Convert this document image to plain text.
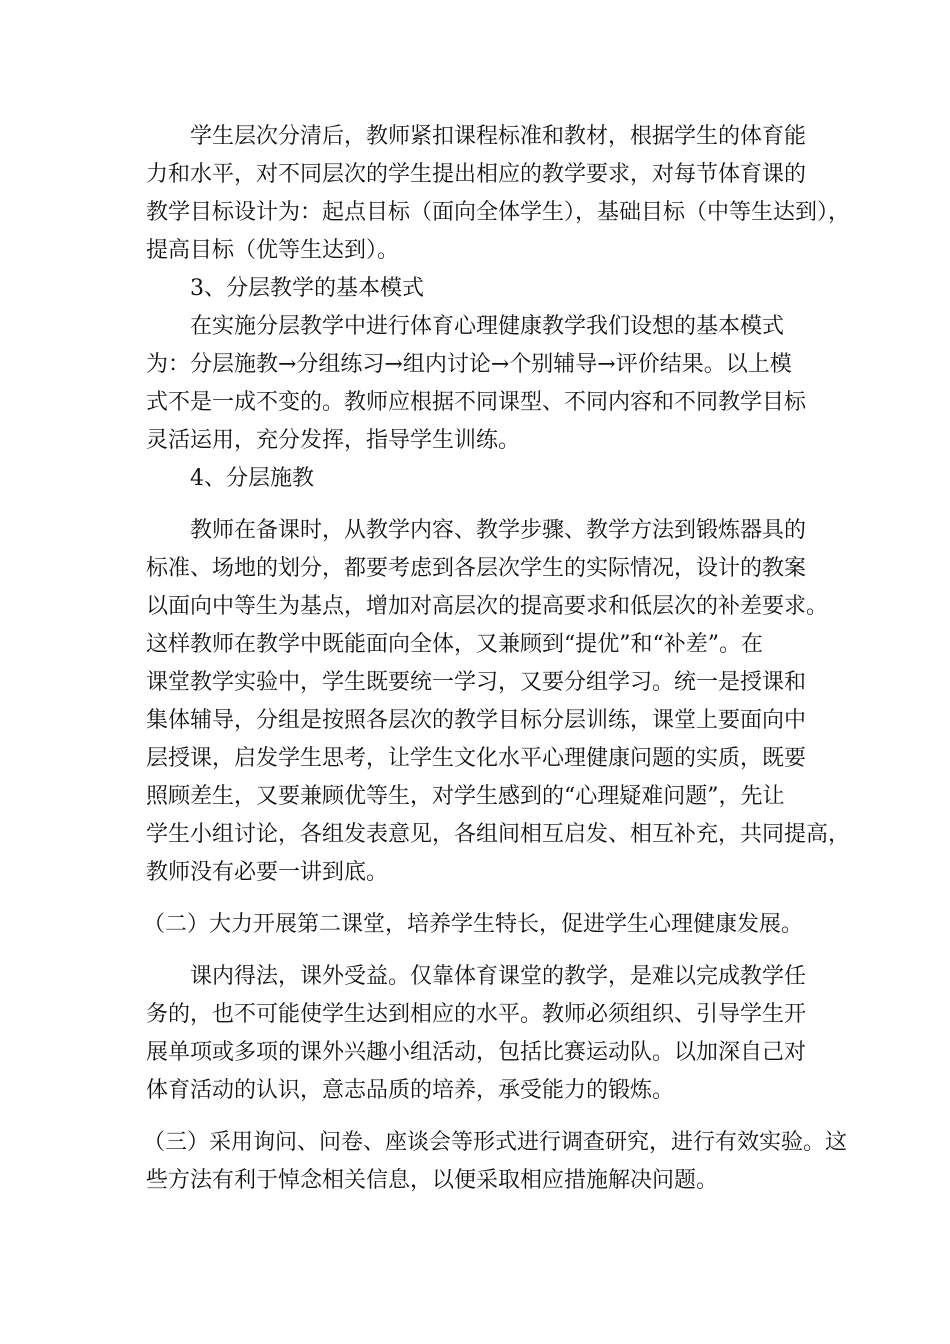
学生层次分清后，教师紧扣课程标准和教材，根据学生的体育能
力和水平，对不同层次的学生提出相应的教学要求，对每节体育课的
教学目标设计为：起点目标（面向全体学生），基础目标（中等生达到），
提高目标（优等生达到）。
3、分层教学的基本模式
在实施分层教学中进行体育心理健康教学我们设想的基本模式
为：分层施教→分组练习→组内讨论→个别辅导→评价结果。以上模
式不是一成不变的。教师应根据不同课型、不同内容和不同教学目标
灵活运用，充分发挥，指导学生训练。
4、分层施教
教师在备课时，从教学内容、教学步骤、教学方法到锻炼器具的
标准、场地的划分，都要考虑到各层次学生的实际情况，设计的教案
以面向中等生为基点，增加对高层次的提高要求和低层次的补差要求。
这样教师在教学中既能面向全体，又兼顾到“提优”和“补差”。在
课堂教学实验中，学生既要统一学习，又要分组学习。统一是授课和
集体辅导，分组是按照各层次的教学目标分层训练，课堂上要面向中
层授课，启发学生思考，让学生文化水平心理健康问题的实质，既要
照顾差生，又要兼顾优等生，对学生感到的“心理疑难问题”，先让
学生小组讨论，各组发表意见，各组间相互启发、相互补充，共同提高，
教师没有必要一讲到底。
（二）大力开展第二课堂，培养学生特长，促进学生心理健康发展。
课内得法，课外受益。仅靠体育课堂的教学，是难以完成教学任
务的，也不可能使学生达到相应的水平。教师必须组织、引导学生开
展单项或多项的课外兴趣小组活动，包括比赛运动队。以加深自己对
体育活动的认识，意志品质的培养，承受能力的锻炼。
（三）采用询问、问卷、座谈会等形式进行调查研究，进行有效实验。这
些方法有利于悼念相关信息，以便采取相应措施解决问题。
